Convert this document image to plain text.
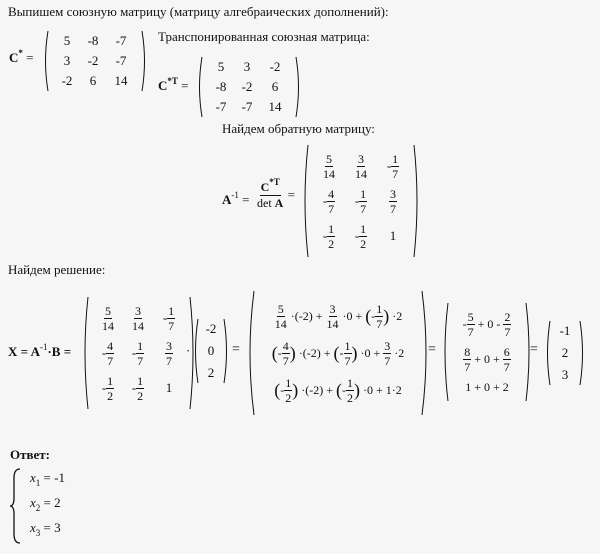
Выпишем союзную матрицу (матрицу алгебраических дополнений):
C* =
5	-8	-7
3	-2	-7
-2	6	14
Транспонированная союзная матрица:
$C^{*T}$ =
5	3	-2
-8	-2	6
-7	-7	14
Найдем обратную матрицу:
$A^{-1} = \frac{C^{*T}}{\text{det A}}$ =
$\frac{5}{14} \frac{3}{14} - \frac{1}{7}$
- $\frac{4}{7} - \frac{1}{7} \frac{3}{7}$
- $\frac{1}{2} - \frac{1}{2}$	1
Найдем решение:
$X = A^{-1}\cdot B$ =
$\frac{5}{14} \frac{3}{14} - \frac{1}{7}$
- $\frac{4}{7} - \frac{1}{7} \frac{3}{7}$
- $\frac{1}{2} - \frac{1}{2}$	1
·
-2
0
2
=
$\frac{5}{14} \cdot(-2) + \frac{3}{14} \cdot 0$ + ( - $\frac{1}{7}$ ) ·2
( - $\frac{4}{7}$ ) ·(-2) + ( - $\frac{1}{7}$ ) $\cdot 0 + \frac{3}{7} \cdot 2$
( - $\frac{1}{2}$ ) ·(-2) + ( - $\frac{1}{2}$ ) ·0 + 1·2
=
- $\frac{5}{7} + 0 - \frac{2}{7}$
$\frac{8}{7} + 0 + \frac{6}{7}$
1 + 0 + 2
=
-1
2
3
Ответ:
$x_1 = -1$
$x_2 = 2$
$x_3 = 3$
